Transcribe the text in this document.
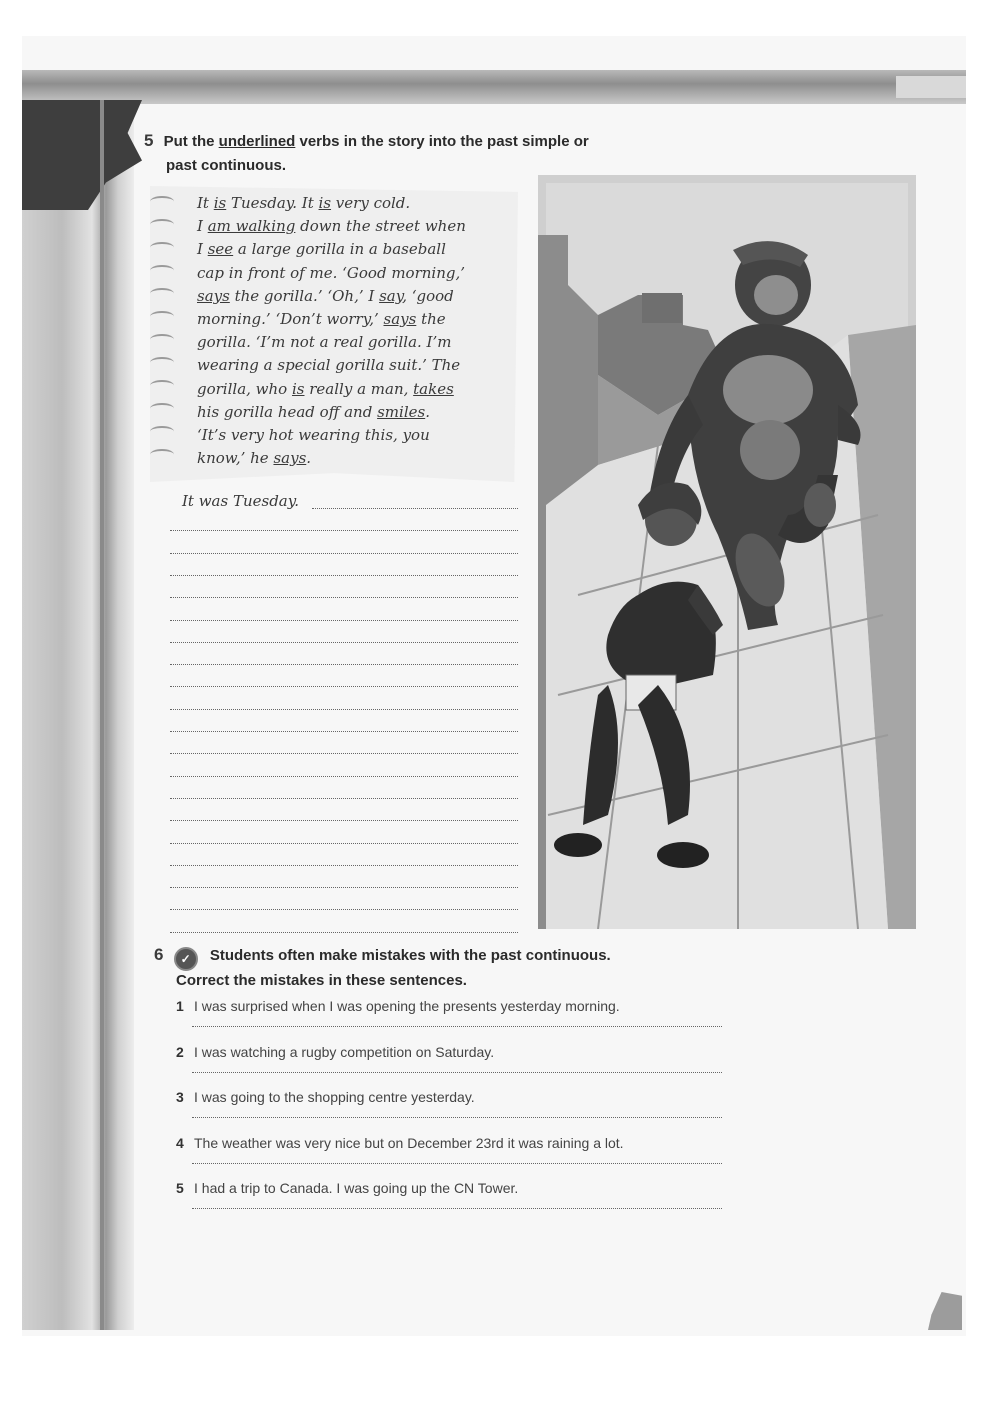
5 Put the underlined verbs in the story into the past simple or
past continuous.
It is Tuesday. It is very cold.
I am walking down the street when
I see a large gorilla in a baseball
cap in front of me. ‘Good morning,’
says the gorilla.’ ‘Oh,’ I say, ‘good
morning.’ ‘Don’t worry,’ says the
gorilla. ‘I’m not a real gorilla. I’m
wearing a special gorilla suit.’ The
gorilla, who is really a man, takes
his gorilla head off and smiles.
‘It’s very hot wearing this, you
know,’ he says.
It was Tuesday.
6 ✓ Students often make mistakes with the past continuous.
Correct the mistakes in these sentences.
1 I was surprised when I was opening the presents yesterday morning.
2 I was watching a rugby competition on Saturday.
3 I was going to the shopping centre yesterday.
4 The weather was very nice but on December 23rd it was raining a lot.
5 I had a trip to Canada. I was going up the CN Tower.
